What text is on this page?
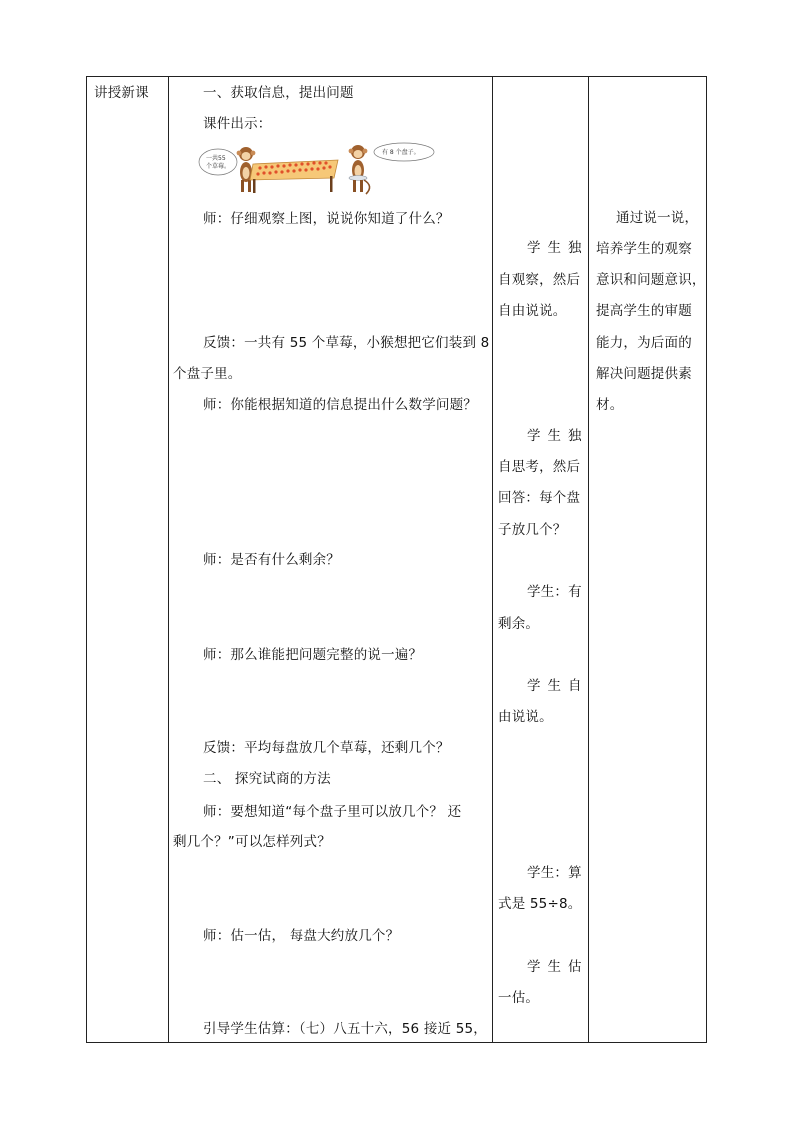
讲授新课	一、获取信息，提出问题
课件出示：
一共55
个草莓。
有 8 个盘子。
师：仔细观察上图，说说你知道了什么？
反馈：一共有 55 个草莓，小猴想把它们装到 8
个盘子里。
师：你能根据知道的信息提出什么数学问题？
师：是否有什么剩余？
师：那么谁能把问题完整的说一遍？
反馈：平均每盘放几个草莓，还剩几个？
二、 探究试商的方法
师：要想知道“每个盘子里可以放几个？ 还
剩几个？”可以怎样列式？
师：估一估， 每盘大约放几个？
引导学生估算：（七）八五十六，56 接近 55，
学生独
自观察，然后
自由说说。
学生独
自思考，然后
回答：每个盘
子放几个？
学生：有
剩余。
学生自
由说说。
学生：算
式是 55÷8。
学生估
一估。
通过说一说，
培养学生的观察
意识和问题意识，
提高学生的审题
能力，为后面的
解决问题提供素
材。
